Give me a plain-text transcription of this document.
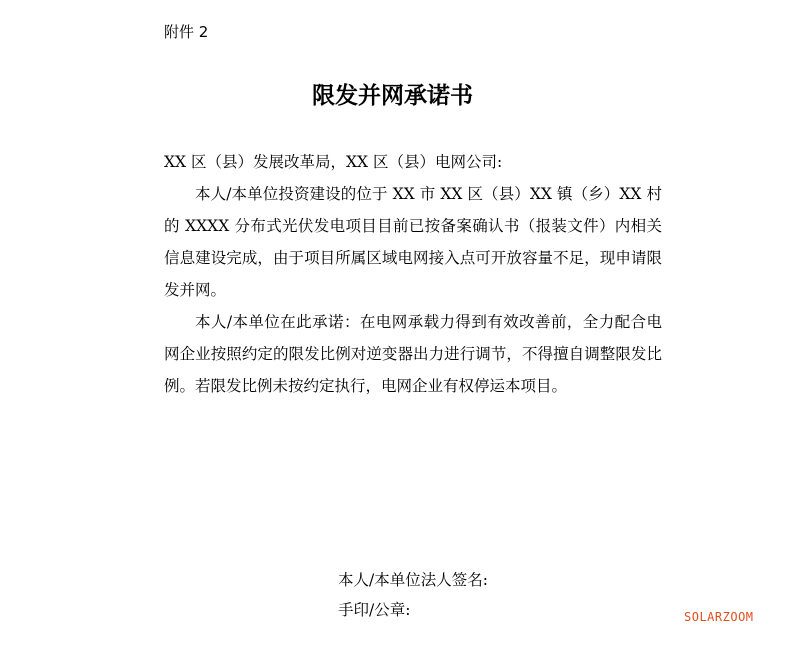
附件 2
限发并网承诺书

XX 区（县）发展改革局，XX 区（县）电网公司:

本人/本单位投资建设的位于 XX 市 XX 区（县）XX 镇（乡）XX 村的 XXXX 分布式光伏发电项目目前已按备案确认书（报装文件）内相关信息建设完成，由于项目所属区域电网接入点可开放容量不足，现申请限发并网。

本人/本单位在此承诺：在电网承载力得到有效改善前，全力配合电网企业按照约定的限发比例对逆变器出力进行调节，不得擅自调整限发比例。若限发比例未按约定执行，电网企业有权停运本项目。

本人/本单位法人签名:
手印/公章:	SOLARZOOM
